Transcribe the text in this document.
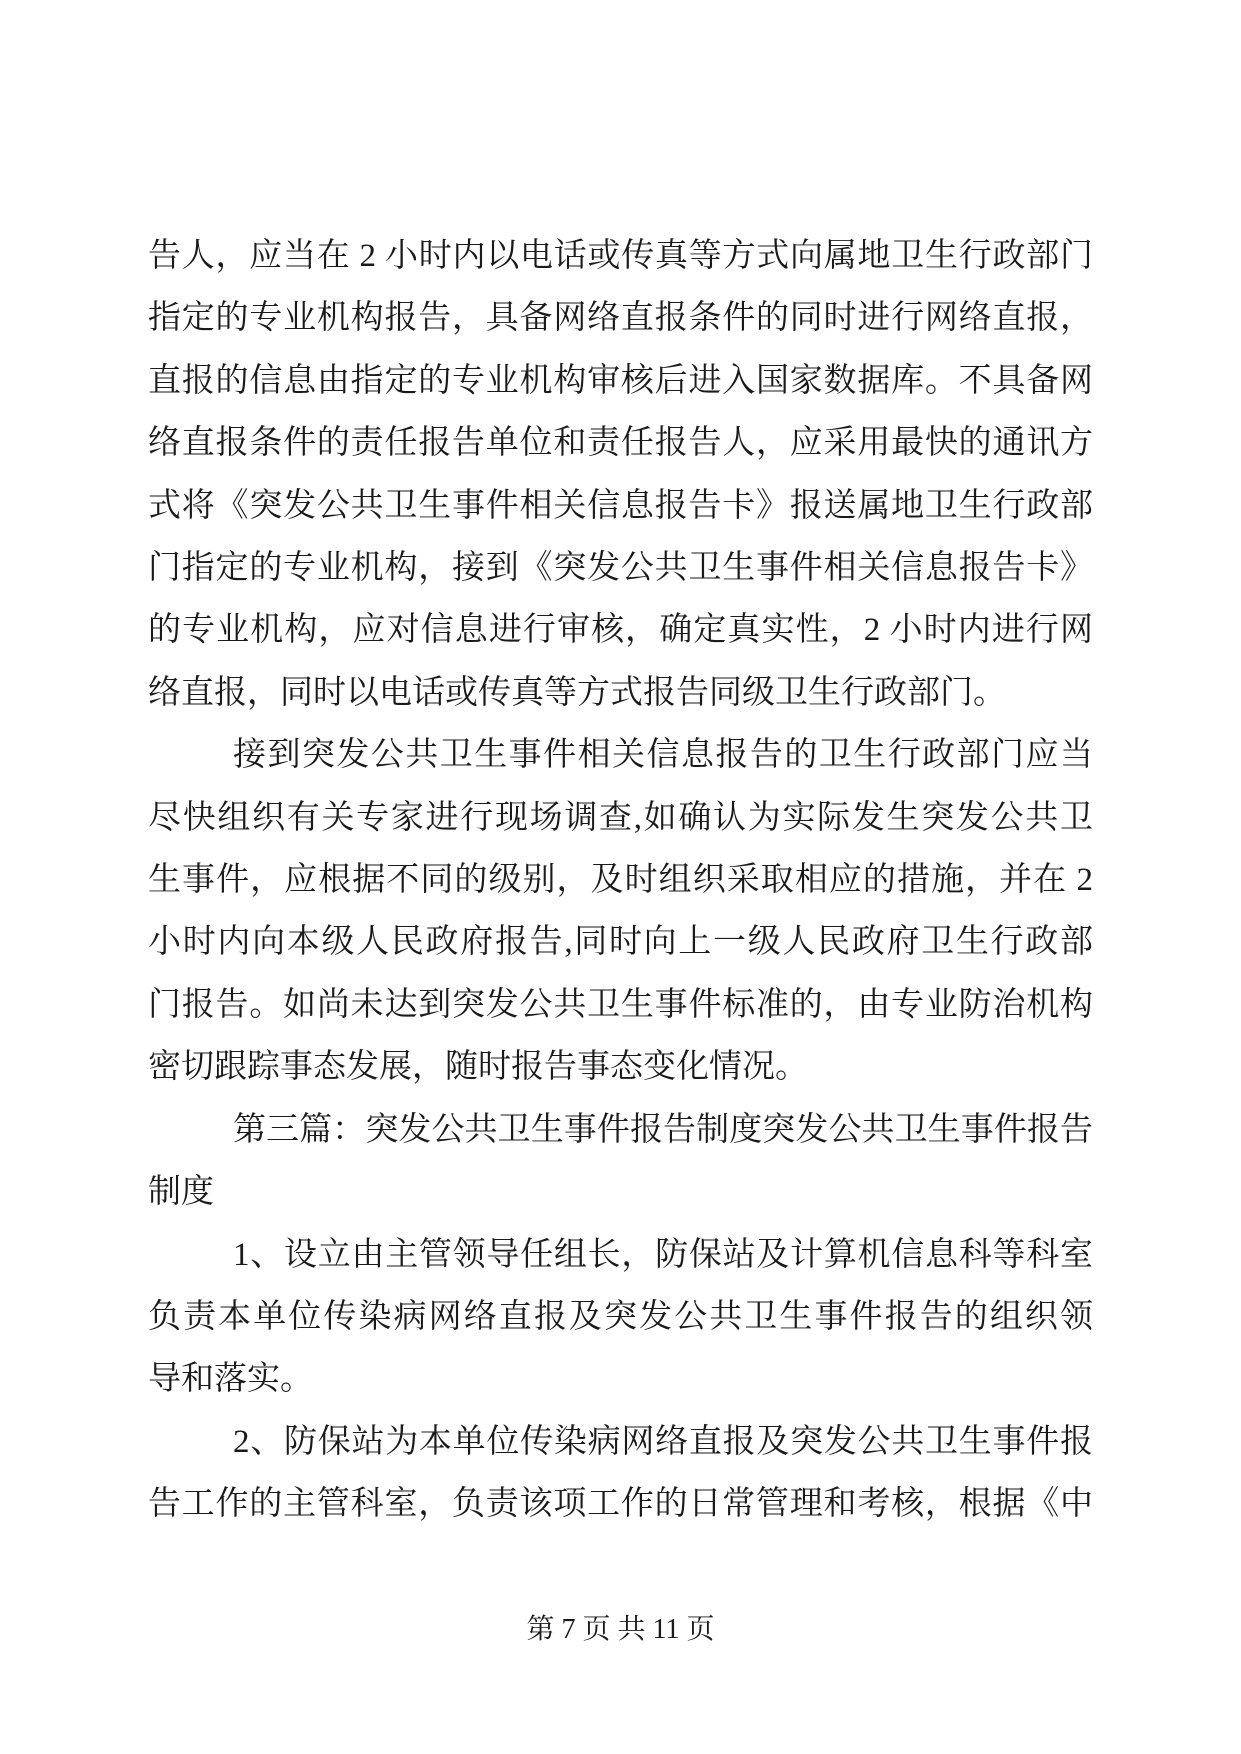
告人，应当在 2 小时内以电话或传真等方式向属地卫生行政部门
指定的专业机构报告，具备网络直报条件的同时进行网络直报，
直报的信息由指定的专业机构审核后进入国家数据库。不具备网
络直报条件的责任报告单位和责任报告人，应采用最快的通讯方
式将《突发公共卫生事件相关信息报告卡》报送属地卫生行政部
门指定的专业机构，接到《突发公共卫生事件相关信息报告卡》
的专业机构，应对信息进行审核，确定真实性，2 小时内进行网
络直报，同时以电话或传真等方式报告同级卫生行政部门。
接到突发公共卫生事件相关信息报告的卫生行政部门应当
尽快组织有关专家进行现场调查,如确认为实际发生突发公共卫
生事件，应根据不同的级别，及时组织采取相应的措施，并在 2
小时内向本级人民政府报告,同时向上一级人民政府卫生行政部
门报告。如尚未达到突发公共卫生事件标准的，由专业防治机构
密切跟踪事态发展，随时报告事态变化情况。
第三篇：突发公共卫生事件报告制度突发公共卫生事件报告
制度
1、设立由主管领导任组长，防保站及计算机信息科等科室
负责本单位传染病网络直报及突发公共卫生事件报告的组织领
导和落实。
2、防保站为本单位传染病网络直报及突发公共卫生事件报
告工作的主管科室，负责该项工作的日常管理和考核，根据《中
第 7 页 共 11 页
